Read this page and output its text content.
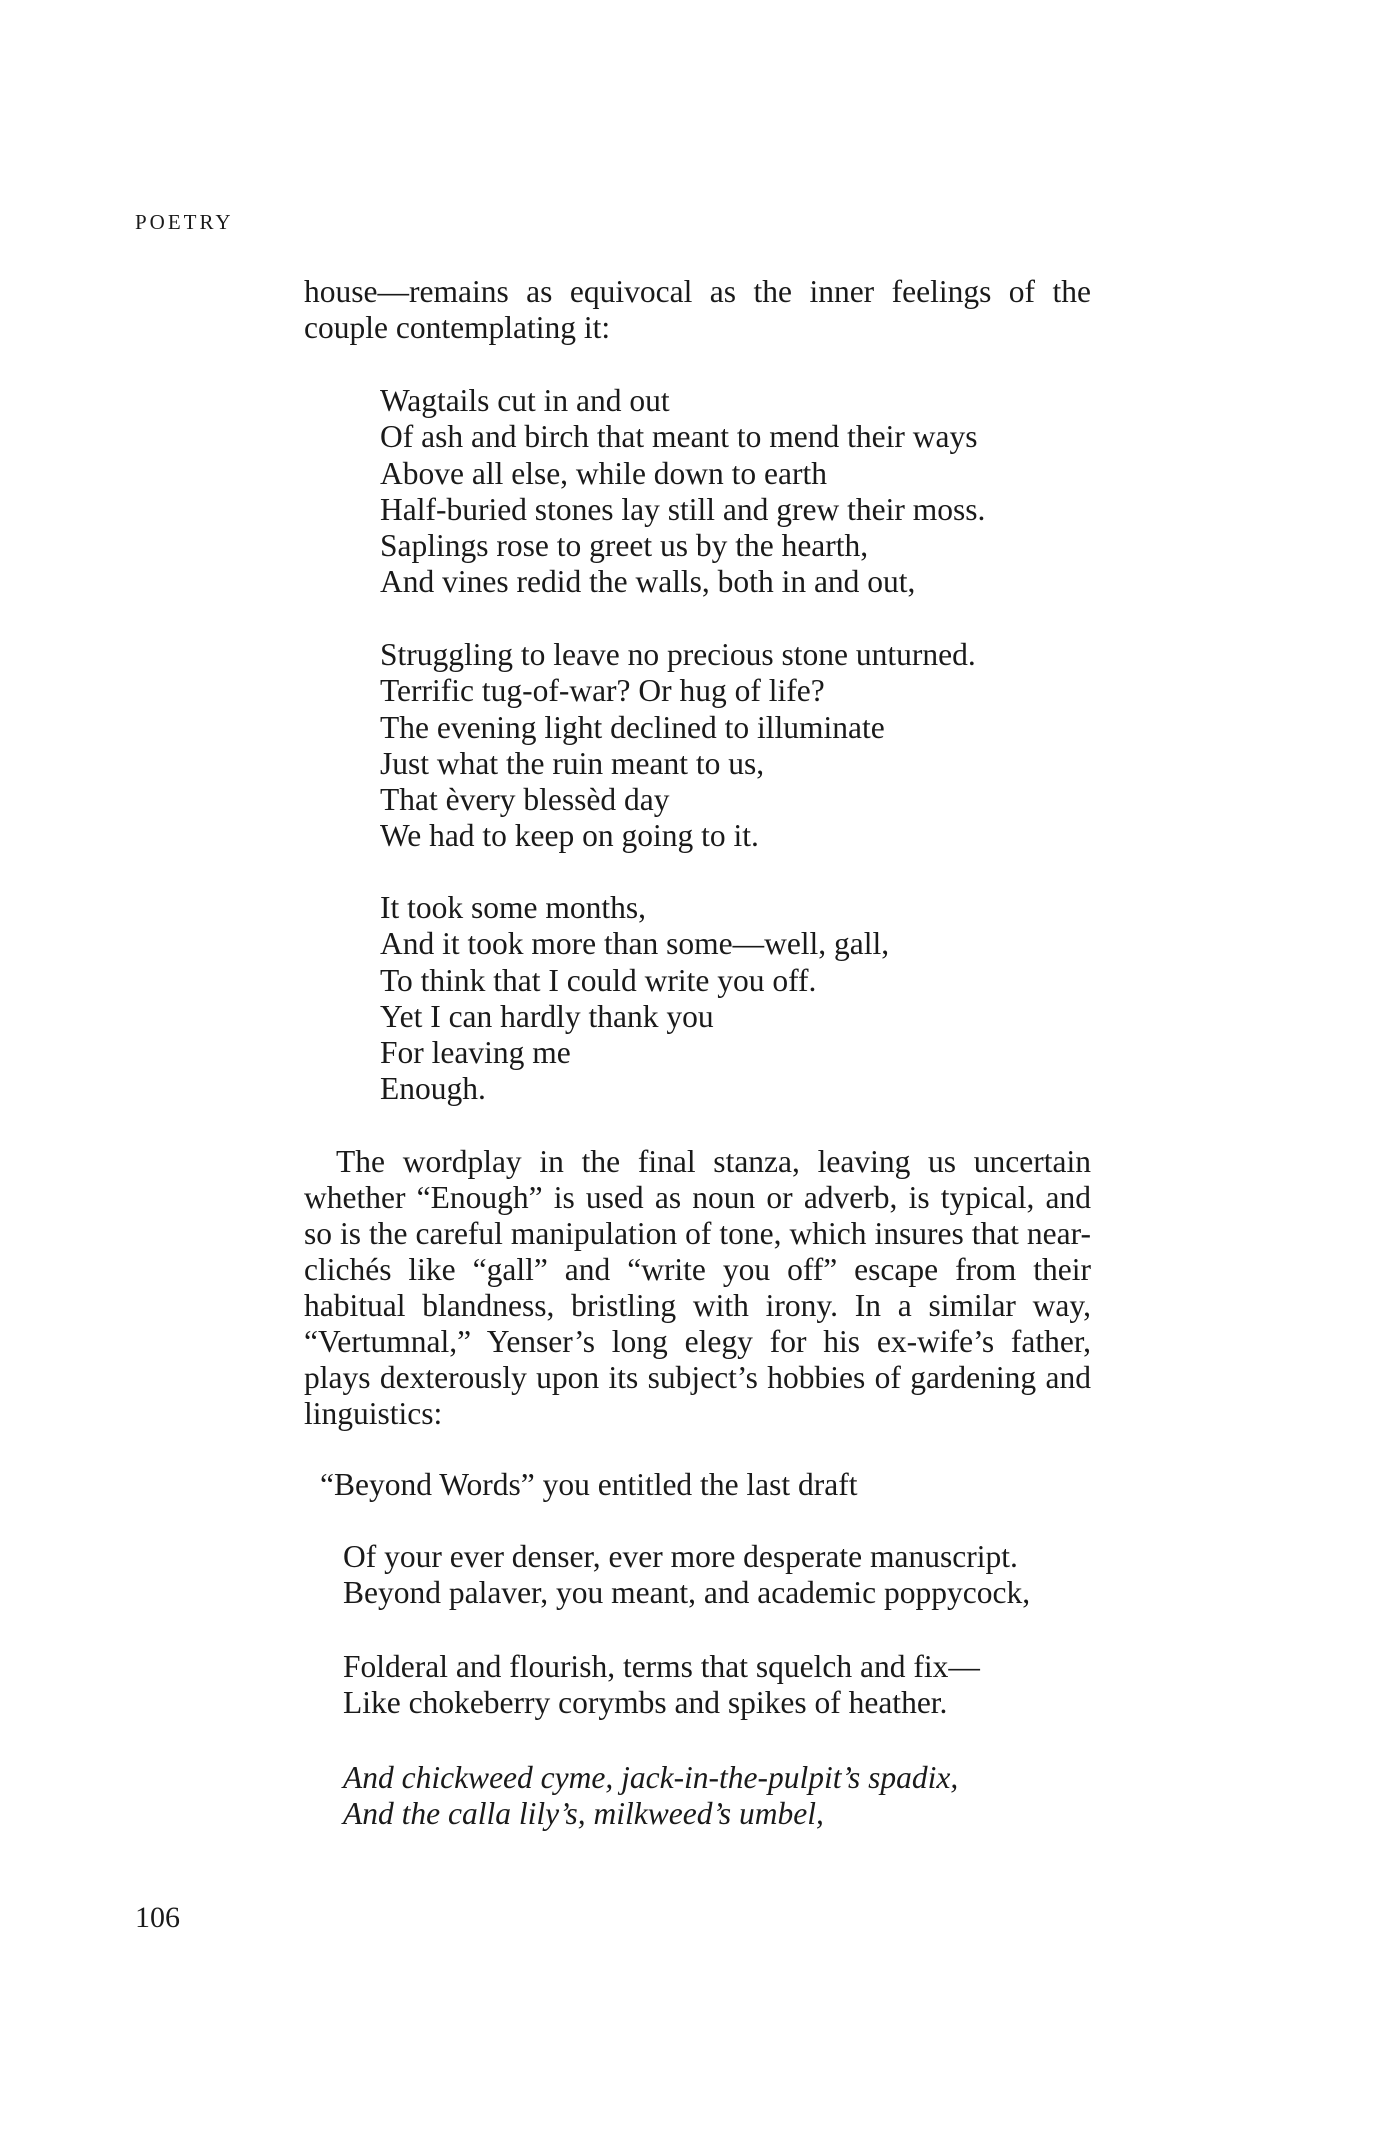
POETRY

house—remains as equivocal as the inner feelings of the couple contemplating it:

Wagtails cut in and out
Of ash and birch that meant to mend their ways
Above all else, while down to earth
Half-buried stones lay still and grew their moss.
Saplings rose to greet us by the hearth,
And vines redid the walls, both in and out,
Struggling to leave no precious stone unturned.
Terrific tug-of-war? Or hug of life?
The evening light declined to illuminate
Just what the ruin meant to us,
That èvery blessèd day
We had to keep on going to it.
It took some months,
And it took more than some—well, gall,
To think that I could write you off.
Yet I can hardly thank you
For leaving me
Enough.

The wordplay in the final stanza, leaving us uncertain whether “Enough” is used as noun or adverb, is typical, and so is the careful manipulation of tone, which insures that near-clichés like “gall” and “write you off” escape from their habitual blandness, bristling with irony. In a similar way, “Vertumnal,” Yenser’s long elegy for his ex-wife’s father, plays dexterously upon its subject’s hobbies of gardening and linguistics:

“Beyond Words” you entitled the last draft

Of your ever denser, ever more desperate manuscript.
Beyond palaver, you meant, and academic poppycock,
Folderal and flourish, terms that squelch and fix—
Like chokeberry corymbs and spikes of heather.
And chickweed cyme, jack-in-the-pulpit’s spadix,
And the calla lily’s, milkweed’s umbel,
106
